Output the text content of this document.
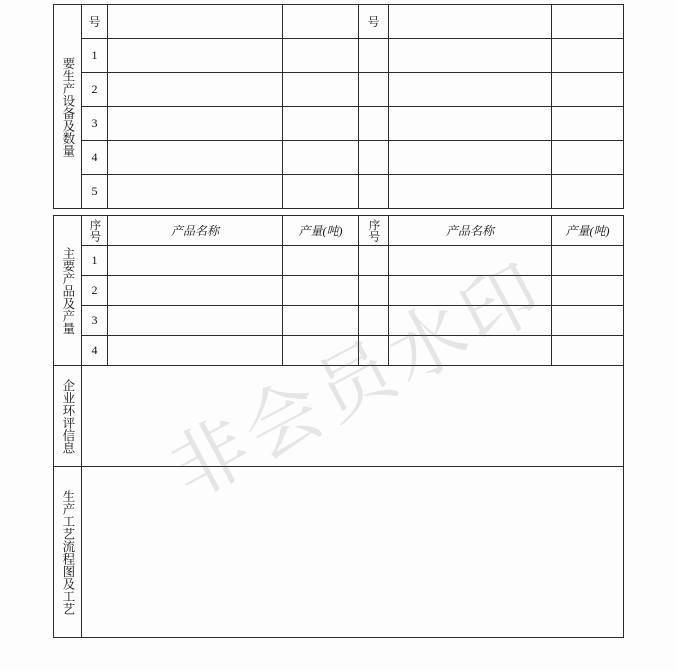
非会员水印
要生产设备及数量	号			号		
	1					
	2					
	3					
	4					
	5					
主要产品及产量	序号	产品名称	产量(吨)	序号	产品名称	产量(吨)
	1					
	2					
	3					
	4					

企业环评信息						

生产工艺流程图及工艺						
